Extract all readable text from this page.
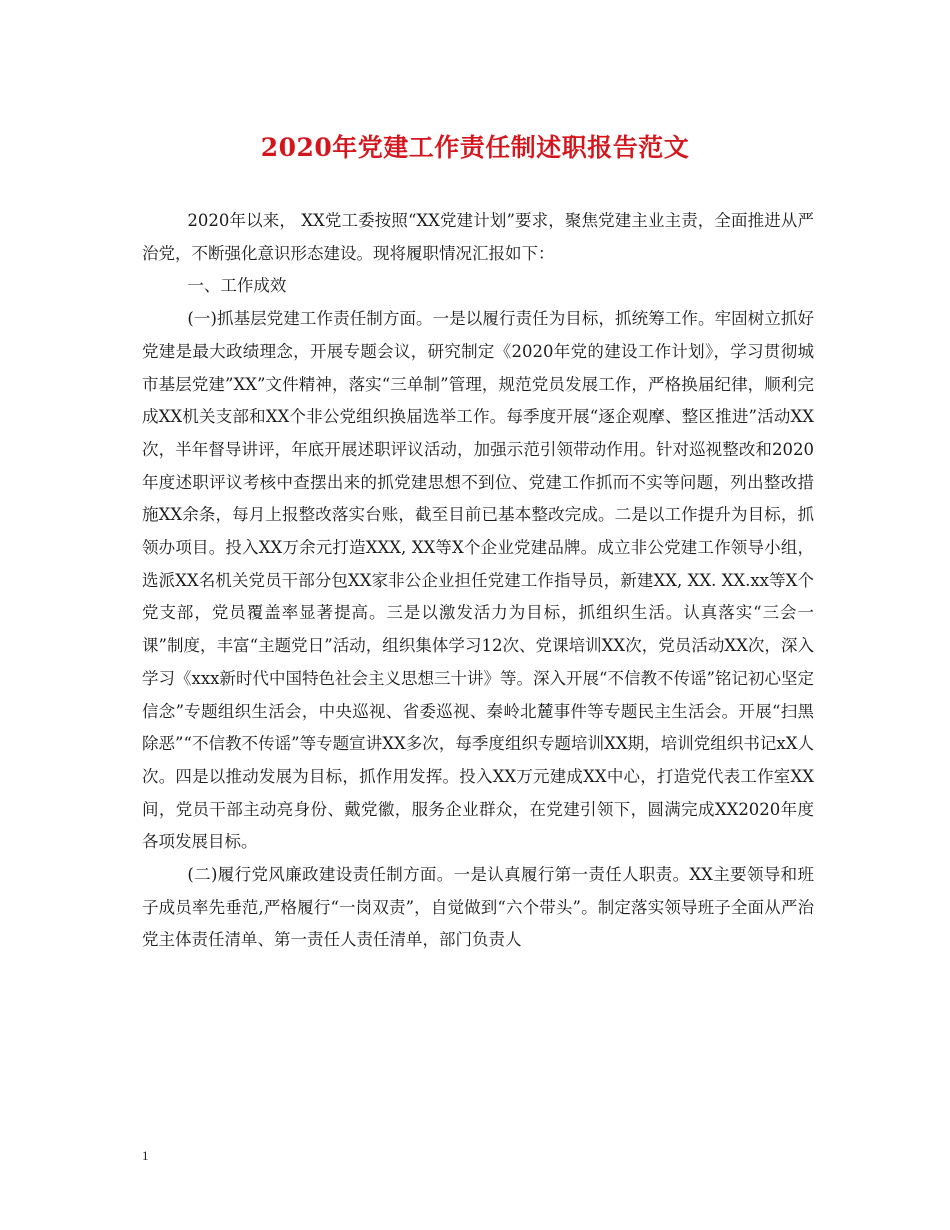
2020年党建工作责任制述职报告范文

2020年以来， XX党工委按照“XX党建计划”要求，聚焦党建主业主责，全面推进从严治党，不断强化意识形态建设。现将履职情况汇报如下：

一、工作成效

(一)抓基层党建工作责任制方面。一是以履行责任为目标，抓统筹工作。牢固树立抓好党建是最大政绩理念，开展专题会议，研究制定《2020年党的建设工作计划》，学习贯彻城市基层党建”XX”文件精神，落实“三单制”管理，规范党员发展工作，严格换届纪律，顺利完成XX机关支部和XX个非公党组织换届选举工作。每季度开展“逐企观摩、整区推进”活动XX次，半年督导讲评，年底开展述职评议活动，加强示范引领带动作用。针对巡视整改和2020年度述职评议考核中查摆出来的抓党建思想不到位、党建工作抓而不实等问题，列出整改措施XX余条，每月上报整改落实台账，截至目前已基本整改完成。二是以工作提升为目标，抓领办项目。投入XX万余元打造XXX, XX等X个企业党建品牌。成立非公党建工作领导小组，选派XX名机关党员干部分包XX家非公企业担任党建工作指导员，新建XX, XX. XX.xx等X个党支部，党员覆盖率显著提高。三是以激发活力为目标，抓组织生活。认真落实“三会一课”制度，丰富“主题党日”活动，组织集体学习12次、党课培训XX次，党员活动XX次，深入学习《xxx新时代中国特色社会主义思想三十讲》等。深入开展“不信教不传谣”铭记初心坚定信念”专题组织生活会，中央巡视、省委巡视、秦岭北麓事件等专题民主生活会。开展“扫黑除恶”“不信教不传谣”等专题宣讲XX多次，每季度组织专题培训XX期，培训党组织书记xX人次。四是以推动发展为目标，抓作用发挥。投入XX万元建成XX中心，打造党代表工作室XX间，党员干部主动亮身份、戴党徽，服务企业群众，在党建引领下，圆满完成XX2020年度各项发展目标。

(二)履行党风廉政建设责任制方面。一是认真履行第一责任人职责。XX主要领导和班子成员率先垂范,严格履行“一岗双责”，自觉做到“六个带头”。制定落实领导班子全面从严治党主体责任清单、第一责任人责任清单，部门负责人

1
